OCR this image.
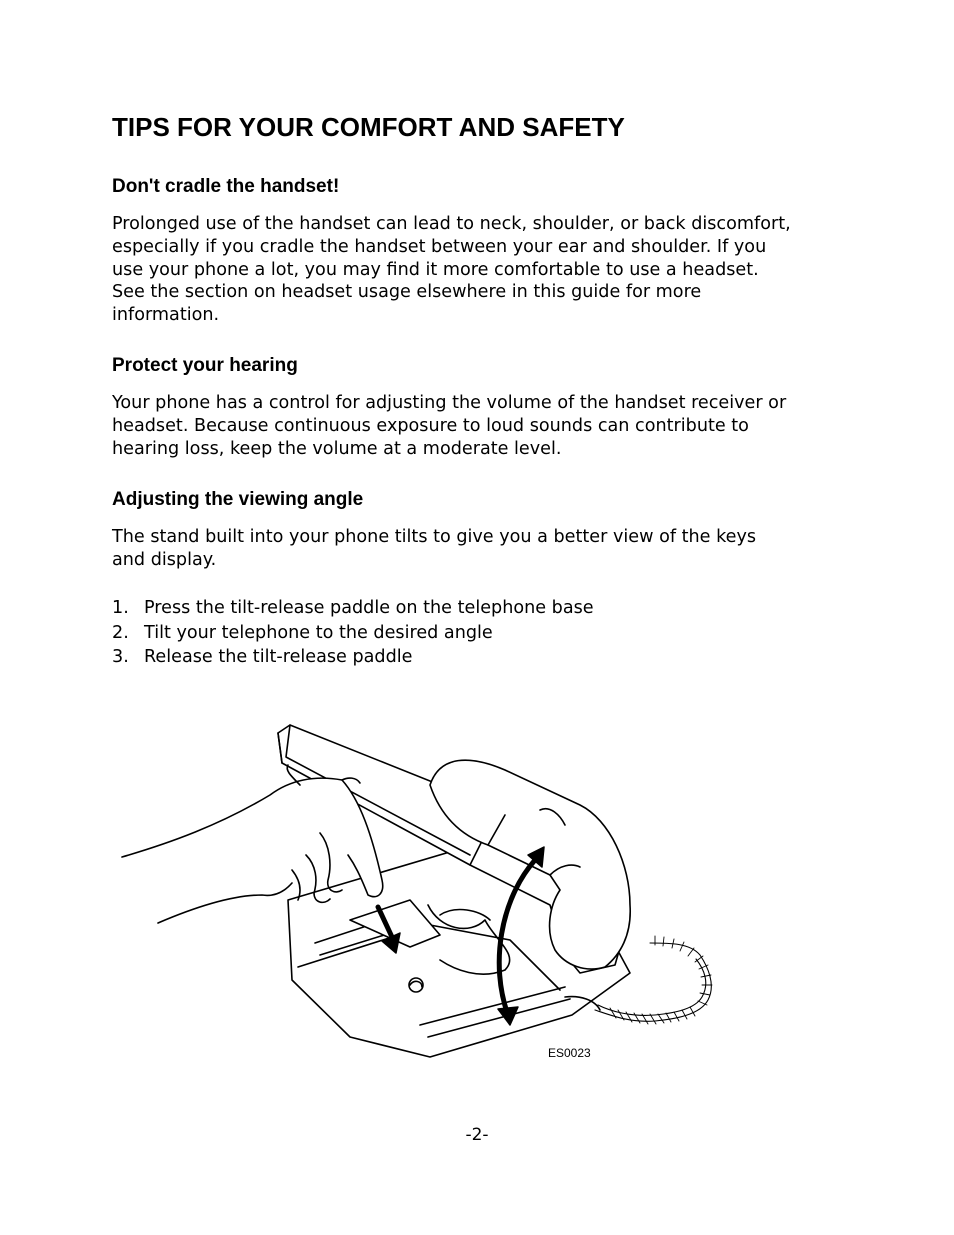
TIPS FOR YOUR COMFORT AND SAFETY
Don't cradle the handset!

Prolonged use of the handset can lead to neck, shoulder, or back discomfort,
especially if you cradle the handset between your ear and shoulder. If you
use your phone a lot, you may find it more comfortable to use a headset.
See the section on headset usage elsewhere in this guide for more
information.

Protect your hearing

Your phone has a control for adjusting the volume of the handset receiver or
headset. Because continuous exposure to loud sounds can contribute to
hearing loss, keep the volume at a moderate level.

Adjusting the viewing angle

The stand built into your phone tilts to give you a better view of the keys
and display.

1. Press the tilt-release paddle on the telephone base
2. Tilt your telephone to the desired angle
3. Release the tilt-release paddle
ES0023
-2-
